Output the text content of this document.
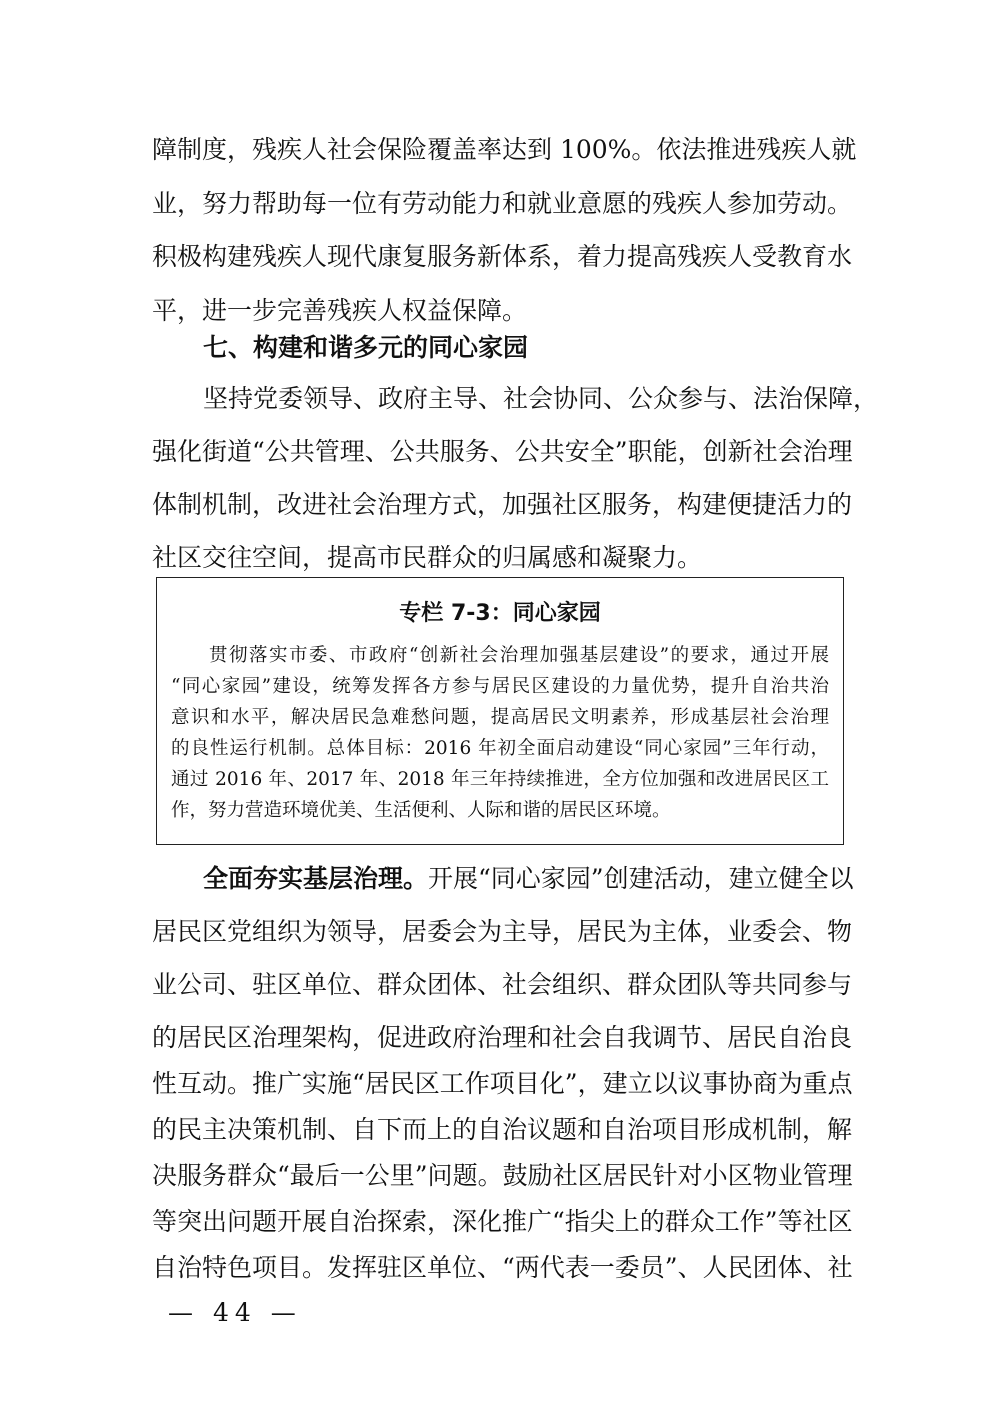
障制度，残疾人社会保险覆盖率达到 100%。依法推进残疾人就
业，努力帮助每一位有劳动能力和就业意愿的残疾人参加劳动。
积极构建残疾人现代康复服务新体系，着力提高残疾人受教育水
平，进一步完善残疾人权益保障。
七、构建和谐多元的同心家园
坚持党委领导、政府主导、社会协同、公众参与、法治保障，
强化街道“公共管理、公共服务、公共安全”职能，创新社会治理
体制机制，改进社会治理方式，加强社区服务，构建便捷活力的
社区交往空间，提高市民群众的归属感和凝聚力。
专栏 7-3：同心家园
贯彻落实市委、市政府“创新社会治理加强基层建设”的要求，通过开展
“同心家园”建设，统筹发挥各方参与居民区建设的力量优势，提升自治共治
意识和水平，解决居民急难愁问题，提高居民文明素养，形成基层社会治理
的良性运行机制。总体目标：2016 年初全面启动建设“同心家园”三年行动，
通过 2016 年、2017 年、2018 年三年持续推进，全方位加强和改进居民区工
作，努力营造环境优美、生活便利、人际和谐的居民区环境。
全面夯实基层治理。开展“同心家园”创建活动，建立健全以
居民区党组织为领导，居委会为主导，居民为主体，业委会、物
业公司、驻区单位、群众团体、社会组织、群众团队等共同参与
的居民区治理架构，促进政府治理和社会自我调节、居民自治良
性互动。推广实施“居民区工作项目化”，建立以议事协商为重点
的民主决策机制、自下而上的自治议题和自治项目形成机制，解
决服务群众“最后一公里”问题。鼓励社区居民针对小区物业管理
等突出问题开展自治探索，深化推广“指尖上的群众工作”等社区
自治特色项目。发挥驻区单位、“两代表一委员”、人民团体、社
— 44 —
